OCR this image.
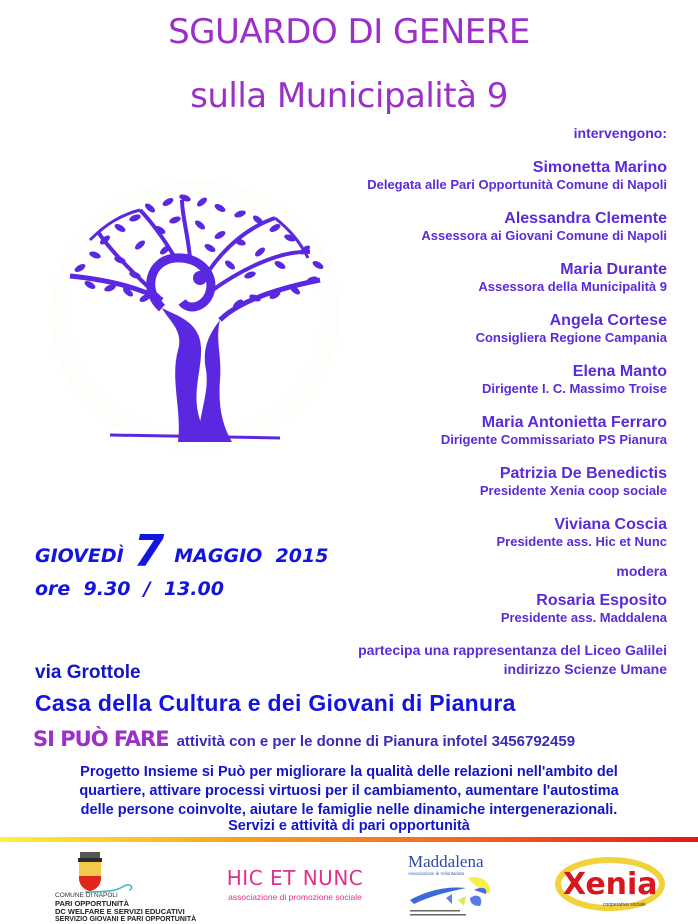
SGUARDO DI GENERE
sulla Municipalità 9
intervengono:
Simonetta Marino
Delegata alle Pari Opportunità Comune di Napoli
Alessandra Clemente
Assessora ai Giovani Comune di Napoli
Maria Durante
Assessora della Municipalità 9
Angela Cortese
Consigliera Regione Campania
Elena Manto
Dirigente I. C. Massimo Troise
Maria Antonietta Ferraro
Dirigente Commissariato PS Pianura
Patrizia De Benedictis
Presidente Xenia coop sociale
Viviana Coscia
Presidente ass. Hic et Nunc
modera
Rosaria Esposito
Presidente ass. Maddalena
partecipa una rappresentanza del Liceo Galilei
indirizzo Scienze Umane
GIOVEDÌ 7 MAGGIO  2015
ore  9.30  /  13.00
via Grottole
Casa della Cultura e dei Giovani di Pianura
SI PUÒ FARE attività con e per le donne di Pianura infotel 3456792459
Progetto Insieme si Può per migliorare la qualità delle relazioni nell'ambito del
quartiere, attivare processi virtuosi per il cambiamento, aumentare l'autostima
delle persone coinvolte, aiutare le famiglie nelle dinamiche intergenerazionali.
Servizi e attività di pari opportunità
COMUNE DI NAPOLI
PARI OPPORTUNITÀ
DC WELFARE E SERVIZI EDUCATIVI
SERVIZIO GIOVANI E PARI OPPORTUNITÀ
HIC ET NUNC
associazione di promozione sociale
Maddalena
Associazione di Volontariato	Xenia
cooperativa sociale
